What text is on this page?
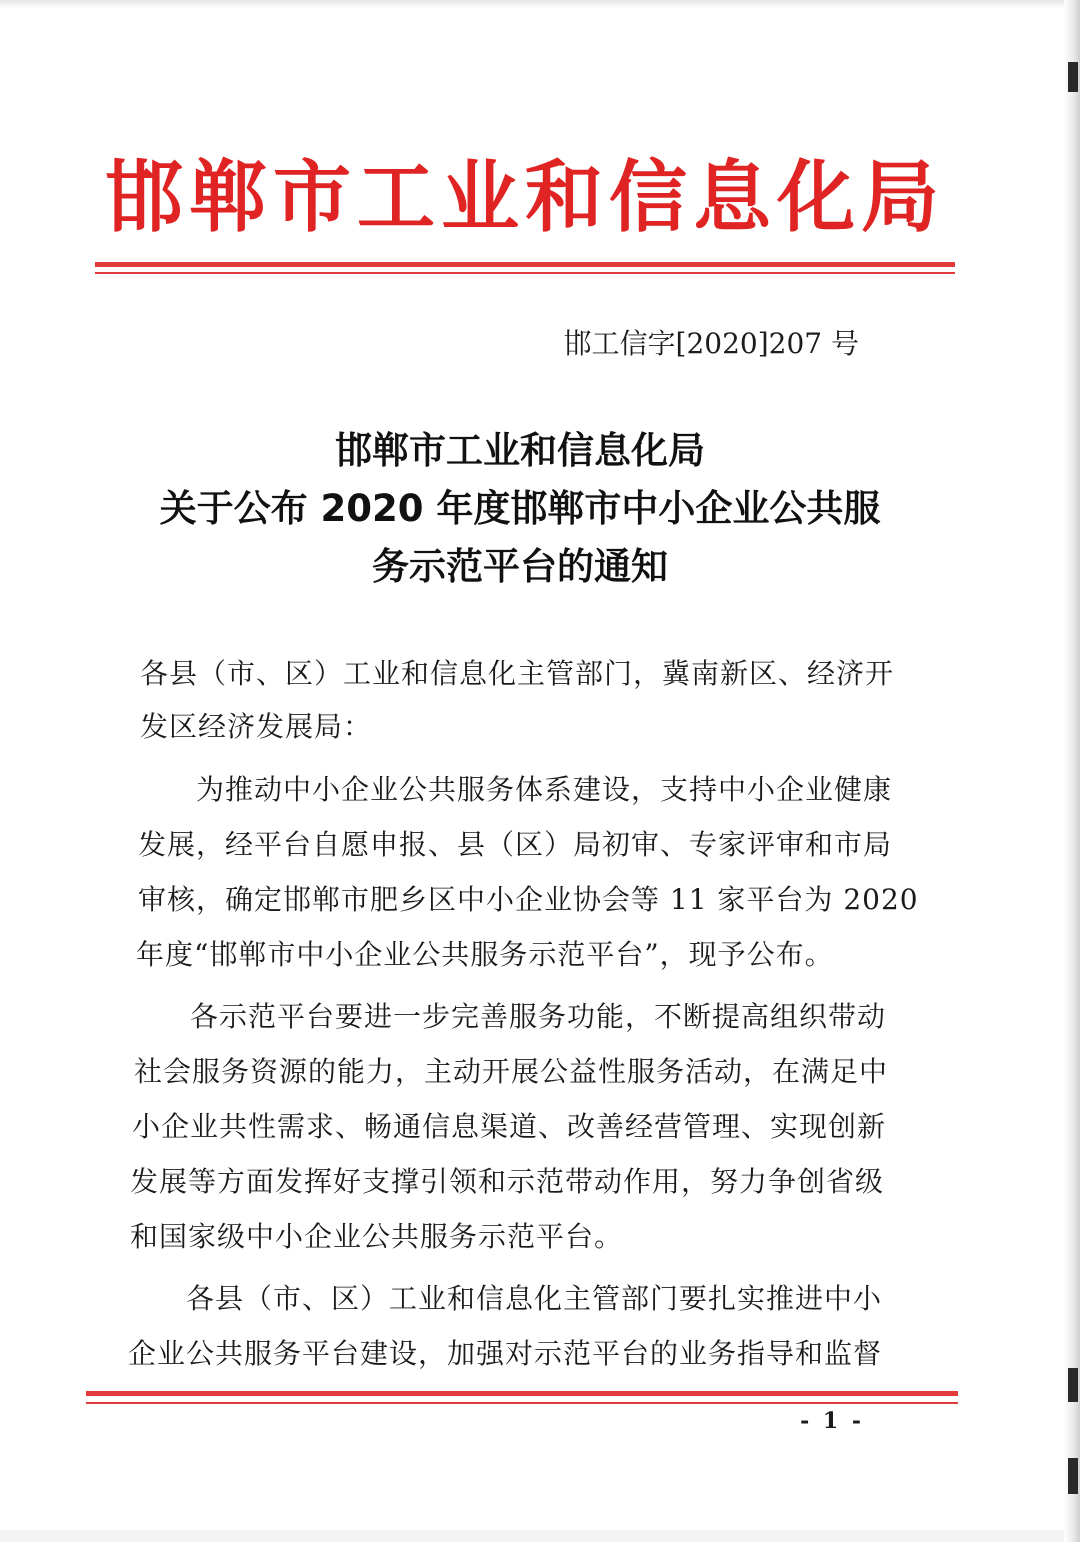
邯郸市工业和信息化局
邯工信字[2020]207 号
邯郸市工业和信息化局
关于公布 2020 年度邯郸市中小企业公共服
务示范平台的通知
各县（市、区）工业和信息化主管部门，冀南新区、经济开
发区经济发展局：
为推动中小企业公共服务体系建设，支持中小企业健康
发展，经平台自愿申报、县（区）局初审、专家评审和市局
审核，确定邯郸市肥乡区中小企业协会等 11 家平台为 2020
年度“邯郸市中小企业公共服务示范平台”，现予公布。
各示范平台要进一步完善服务功能，不断提高组织带动
社会服务资源的能力，主动开展公益性服务活动，在满足中
小企业共性需求、畅通信息渠道、改善经营管理、实现创新
发展等方面发挥好支撑引领和示范带动作用，努力争创省级
和国家级中小企业公共服务示范平台。
各县（市、区）工业和信息化主管部门要扎实推进中小
企业公共服务平台建设，加强对示范平台的业务指导和监督
- 1 -
